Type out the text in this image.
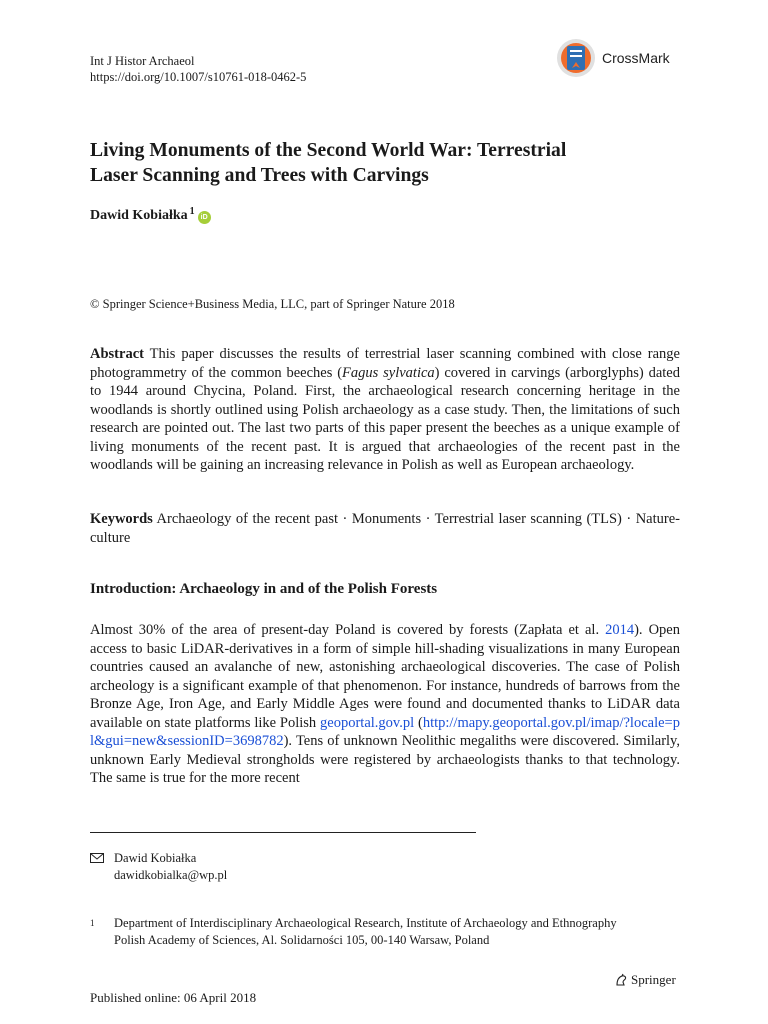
Int J Histor Archaeol
https://doi.org/10.1007/s10761-018-0462-5
CrossMark
Living Monuments of the Second World War: Terrestrial
Laser Scanning and Trees with Carvings
Dawid Kobiałka$^1$
iD
© Springer Science+Business Media, LLC, part of Springer Nature 2018
Abstract This paper discusses the results of terrestrial laser scanning combined with close range photogrammetry of the common beeches (Fagus sylvatica) covered in carvings (arborglyphs) dated to 1944 around Chycina, Poland. First, the archaeological research concerning heritage in the woodlands is shortly outlined using Polish archaeology as a case study. Then, the limitations of such research are pointed out. The last two parts of this paper present the beeches as a unique example of living monuments of the recent past. It is argued that archaeologies of the recent past in the woodlands will be gaining an increasing relevance in Polish as well as European archaeology.
Keywords Archaeology of the recent past · Monuments · Terrestrial laser scanning (TLS) · Nature-culture
Introduction: Archaeology in and of the Polish Forests
Almost 30% of the area of present-day Poland is covered by forests (Zapłata et al. 2014). Open access to basic LiDAR-derivatives in a form of simple hill-shading visualizations in many European countries caused an avalanche of new, astonishing archaeological discoveries. The case of Polish archeology is a significant example of that phenomenon. For instance, hundreds of barrows from the Bronze Age, Iron Age, and Early Middle Ages were found and documented thanks to LiDAR data available on state platforms like Polish geoportal.gov.pl (http://mapy.geoportal.gov.pl/imap/?locale=pl&gui=new&sessionID=3698782). Tens of unknown Neolithic megaliths were discovered. Similarly, unknown Early Medieval strongholds were registered by archaeologists thanks to that technology. The same is true for the more recent
Dawid Kobiałka
dawidkobialka@wp.pl
1	Department of Interdisciplinary Archaeological Research, Institute of Archaeology and Ethnography Polish Academy of Sciences, Al. Solidarności 105, 00-140 Warsaw, Poland
Springer
Published online: 06 April 2018
